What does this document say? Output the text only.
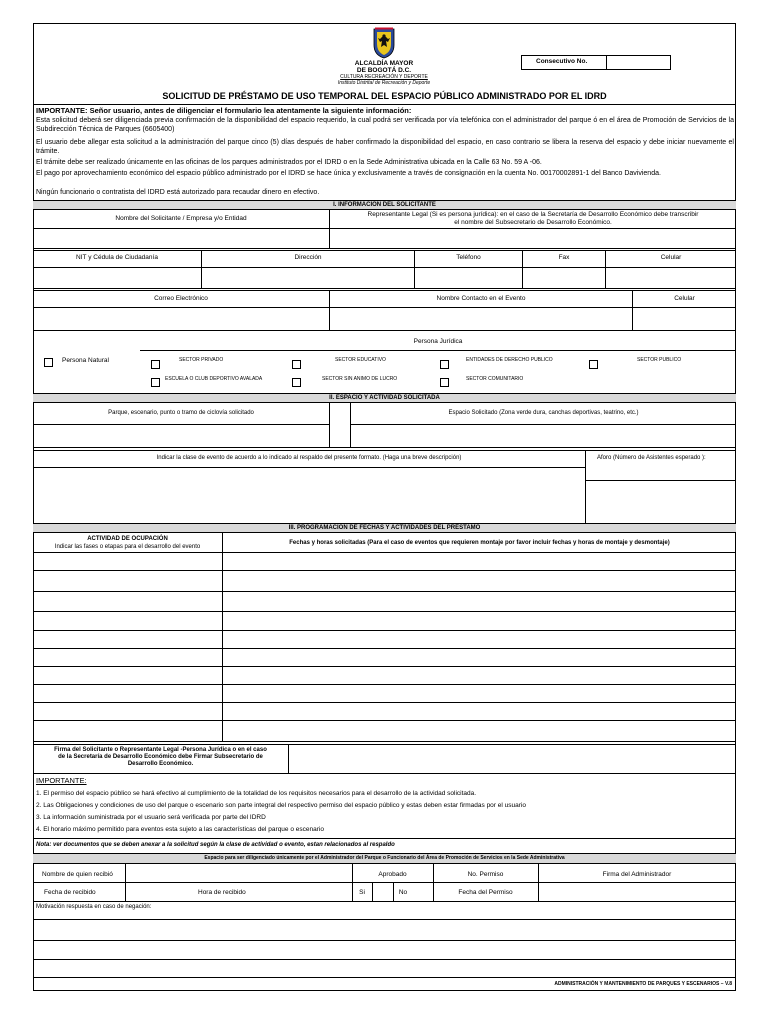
ALCALDÍA MAYOR
DE BOGOTÁ D.C.
CULTURA RECREACIÓN Y DEPORTE
Instituto Distrital de Recreación y Deporte
Consecutivo No.
SOLICITUD DE PRÉSTAMO DE USO TEMPORAL DEL ESPACIO PÚBLICO ADMINISTRADO POR EL IDRD
IMPORTANTE: Señor usuario, antes de diligenciar el formulario lea atentamente la siguiente información:
Esta solicitud deberá ser diligenciada previa confirmación de la disponibilidad del espacio requerido, la cual podrá ser verificada por vía telefónica con el administrador del parque ó en el área de Promoción de Servicios de la Subdirección Técnica de Parques (6605400)
El usuario debe allegar esta solicitud a la administración del parque cinco (5) días después de haber confirmado la disponibilidad del espacio, en caso contrario se libera la reserva del espacio y debe iniciar nuevamente el trámite.
El trámite debe ser realizado únicamente en las oficinas de los parques administrados por el IDRD o en la Sede Administrativa ubicada en la Calle 63 No. 59 A -06.
El pago por aprovechamiento económico del espacio público administrado por el IDRD se hace única y exclusivamente a través de consignación en la cuenta No. 00170002891-1 del Banco Davivienda.
Ningún funcionario o contratista del IDRD está autorizado para recaudar dinero en efectivo.
I. INFORMACIÓN DEL SOLICITANTE
Nombre del Solicitante / Empresa y/o Entidad
Representante Legal (Si es persona jurídica): en el caso de la Secretaría de Desarrollo Económico debe transcribir
el nombre del Subsecretario de Desarrollo Económico.
NIT y Cédula de Ciudadanía	Dirección	Teléfono	Fax	Celular
Correo Electrónico	Nombre Contacto en el Evento	Celular
Persona Jurídica
Persona Natural	SECTOR PRIVADO	SECTOR EDUCATIVO	ENTIDADES DE DERECHO PUBLICO	SECTOR PUBLICO
ESCUELA O CLUB DEPORTIVO AVALADA	SECTOR SIN ANIMO DE LUCRO	SECTOR COMUNITARIO
II. ESPACIO Y ACTIVIDAD SOLICITADA
Parque, escenario, punto o tramo de ciclovía solicitado	Espacio Solicitado (Zona verde dura, canchas deportivas, teatrino, etc.)
Indicar la clase de evento de acuerdo a lo indicado al respaldo del presente formato. (Haga una breve descripción)	Aforo (Número de Asistentes esperado ):
III. PROGRAMACIÓN DE FECHAS Y ACTIVIDADES DEL PRÉSTAMO
ACTIVIDAD DE OCUPACIÓN
Indicar las fases o etapas para el desarrollo del evento
Fechas y horas solicitadas (Para el caso de eventos que requieren montaje por favor incluir fechas y horas de montaje y desmontaje)
Firma del Solicitante o Representante Legal -Persona Jurídica o en el caso
de la Secretaría de Desarrollo Económico debe Firmar Subsecretario de
Desarrollo Económico.
IMPORTANTE:
1. El permiso del espacio público se hará efectivo al cumplimiento de la totalidad de los requisitos necesarios para el desarrollo de la actividad solicitada.
2. Las Obligaciones y condiciones de uso del parque o escenario son parte integral del respectivo permiso del espacio público y estas deben estar firmadas por el usuario
3. La información suministrada por el usuario será verificada por parte del IDRD
4. El horario máximo permitido para eventos esta sujeto a las características del parque o escenario
Nota: ver documentos que se deben anexar a la solicitud según la clase de actividad o evento, estan relacionados al respaldo
Espacio para ser diligenciado únicamente por el Administrador del Parque o Funcionario del Área de Promoción de Servicios en la Sede Administrativa
Nombre de quien recibió	Aprobado	No. Permiso	Firma del Administrador
Fecha de recibido	Hora de recibido	Si	No	Fecha del Permiso
Motivación respuesta en caso de negación:
ADMINISTRACIÓN Y MANTENIMIENTO DE PARQUES Y ESCENARIOS – V.8
